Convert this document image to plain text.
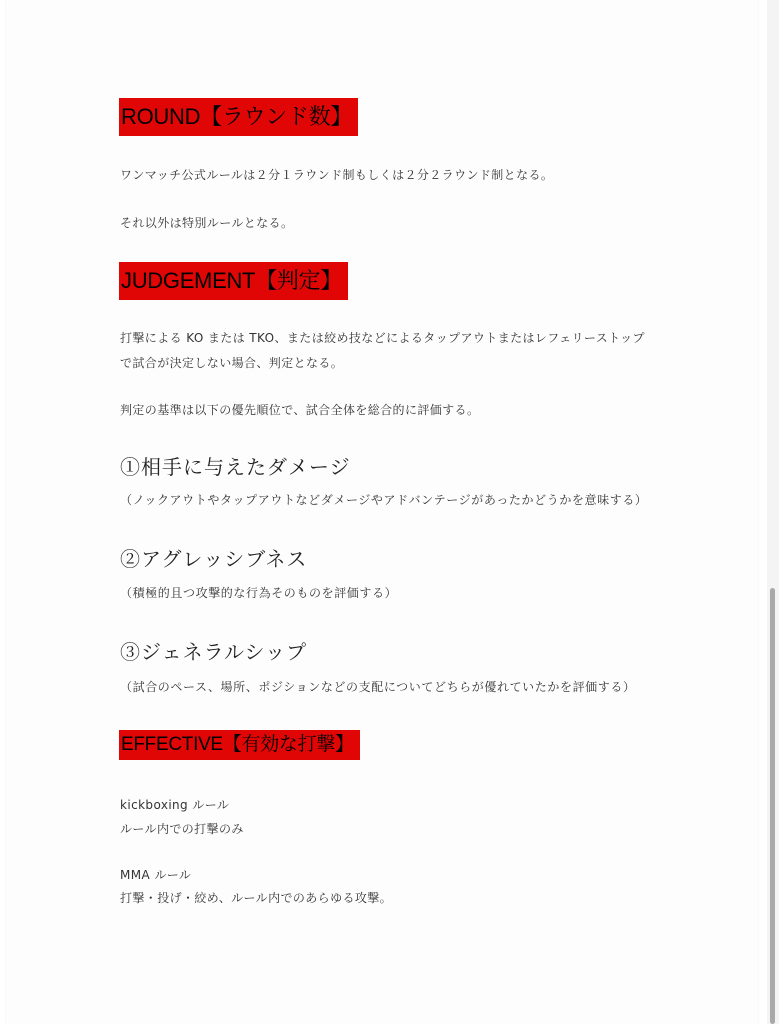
ROUND【ラウンド数】

ワンマッチ公式ルールは２分１ラウンド制もしくは２分２ラウンド制となる。

それ以外は特別ルールとなる。

JUDGEMENT【判定】

打撃による KO または TKO、または絞め技などによるタップアウトまたはレフェリーストップ

で試合が決定しない場合、判定となる。

判定の基準は以下の優先順位で、試合全体を総合的に評価する。

①相手に与えたダメージ

（ノックアウトやタップアウトなどダメージやアドバンテージがあったかどうかを意味する）

②アグレッシブネス

（積極的且つ攻撃的な行為そのものを評価する）

③ジェネラルシップ

（試合のペース、場所、ポジションなどの支配についてどちらが優れていたかを評価する）

EFFECTIVE【有効な打撃】

kickboxing ルール

ルール内での打撃のみ

MMA ルール

打撃・投げ・絞め、ルール内でのあらゆる攻撃。
